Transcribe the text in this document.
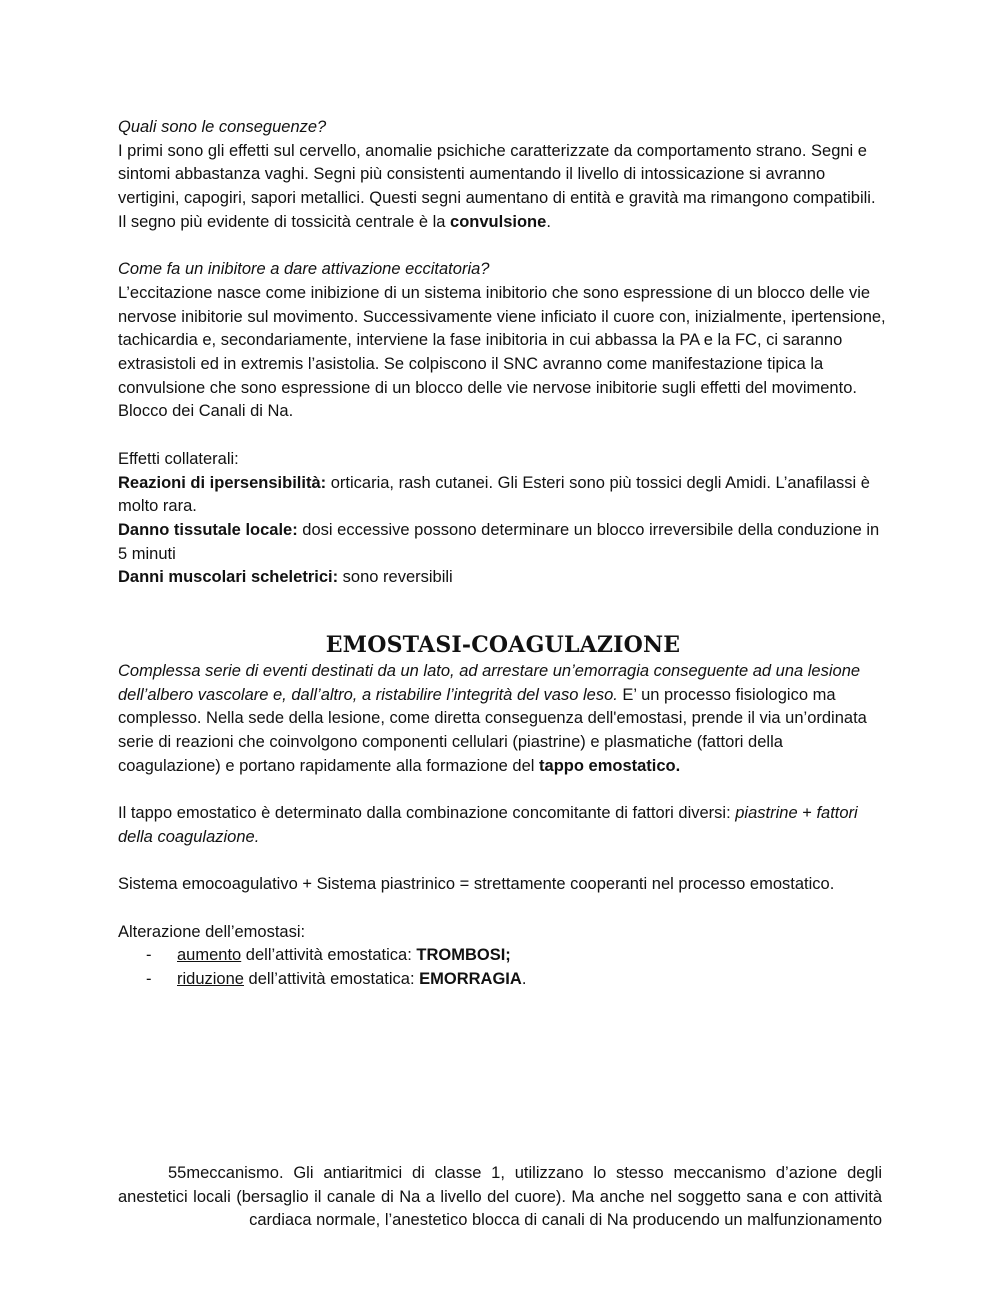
Quali sono le conseguenze?

I primi sono gli effetti sul cervello, anomalie psichiche caratterizzate da comportamento strano. Segni e sintomi abbastanza vaghi. Segni più consistenti aumentando il livello di intossicazione si avranno vertigini, capogiri, sapori metallici. Questi segni aumentano di entità e gravità ma rimangono compatibili.

Il segno più evidente di tossicità centrale è la convulsione.

Come fa un inibitore a dare attivazione eccitatoria?

L’eccitazione nasce come inibizione di un sistema inibitorio che sono espressione di un blocco delle vie nervose inibitorie sul movimento. Successivamente viene inficiato il cuore con, inizialmente, ipertensione, tachicardia e, secondariamente, interviene la fase inibitoria in cui abbassa la PA e la FC, ci saranno extrasistoli ed in extremis l’asistolia. Se colpiscono il SNC avranno come manifestazione tipica la convulsione che sono espressione di un blocco delle vie nervose inibitorie sugli effetti del movimento.

Blocco dei Canali di Na.

Effetti collaterali:

Reazioni di ipersensibilità: orticaria, rash cutanei. Gli Esteri sono più tossici degli Amidi. L’anafilassi è molto rara.

Danno tissutale locale: dosi eccessive possono determinare un blocco irreversibile della conduzione in 5 minuti

Danni muscolari scheletrici: sono reversibili

EMOSTASI-COAGULAZIONE

Complessa serie di eventi destinati da un lato, ad arrestare un’emorragia conseguente ad una lesione dell’albero vascolare e, dall’altro, a ristabilire l’integrità del vaso leso. E’ un processo fisiologico ma complesso. Nella sede della lesione, come diretta conseguenza dell'emostasi, prende il via un’ordinata serie di reazioni che coinvolgono componenti cellulari (piastrine) e plasmatiche (fattori della coagulazione) e portano rapidamente alla formazione del tappo emostatico.

Il tappo emostatico è determinato dalla combinazione concomitante di fattori diversi: piastrine + fattori della coagulazione.

Sistema emocoagulativo + Sistema piastrinico = strettamente cooperanti nel processo emostatico.

Alterazione dell’emostasi:

- aumento dell’attività emostatica: TROMBOSI;
- riduzione dell’attività emostatica: EMORRAGIA.

55meccanismo. Gli antiaritmici di classe 1, utilizzano lo stesso meccanismo d’azione degli anestetici locali (bersaglio il canale di Na a livello del cuore). Ma anche nel soggetto sana e con attività cardiaca normale, l’anestetico blocca di canali di Na producendo un malfunzionamento
